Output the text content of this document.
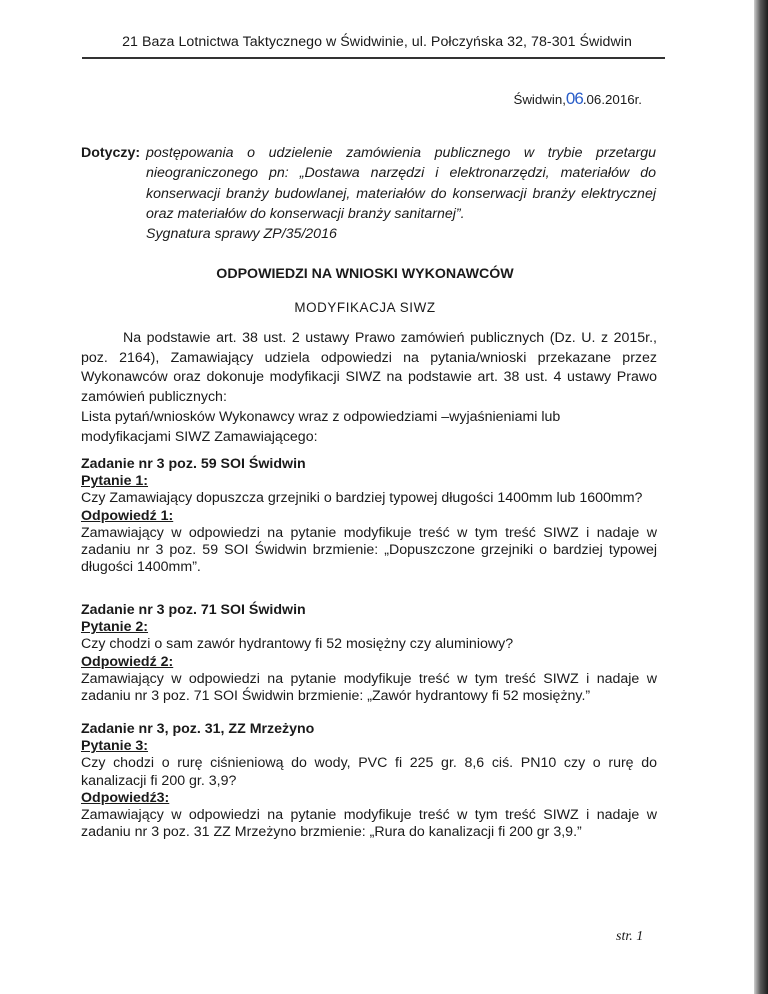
21 Baza Lotnictwa Taktycznego w Świdwinie, ul. Połczyńska 32, 78-301 Świdwin
Świdwin,06.06.2016r.
Dotyczy: postępowania o udzielenie zamówienia publicznego w trybie przetargu nieograniczonego pn: „Dostawa narzędzi i elektronarzędzi, materiałów do konserwacji branży budowlanej, materiałów do konserwacji branży elektrycznej oraz materiałów do konserwacji branży sanitarnej”.
Sygnatura sprawy ZP/35/2016
ODPOWIEDZI NA WNIOSKI WYKONAWCÓW
MODYFIKACJA SIWZ

Na podstawie art. 38 ust. 2 ustawy Prawo zamówień publicznych (Dz. U. z 2015r., poz. 2164), Zamawiający udziela odpowiedzi na pytania/wnioski przekazane przez Wykonawców oraz dokonuje modyfikacji SIWZ na podstawie art. 38 ust. 4 ustawy Prawo zamówień publicznych:

Lista pytań/wniosków Wykonawcy wraz z odpowiedziami –wyjaśnieniami lub

modyfikacjami SIWZ Zamawiającego:

Zadanie nr 3 poz. 59 SOI Świdwin

Pytanie 1:

Czy Zamawiający dopuszcza grzejniki o bardziej typowej długości 1400mm lub 1600mm?

Odpowiedź 1:

Zamawiający w odpowiedzi na pytanie modyfikuje treść w tym treść SIWZ i nadaje w zadaniu nr 3 poz. 59 SOI Świdwin brzmienie: „Dopuszczone grzejniki o bardziej typowej długości 1400mm”.

Zadanie nr 3 poz. 71 SOI Świdwin

Pytanie 2:

Czy chodzi o sam zawór hydrantowy fi 52 mosiężny czy aluminiowy?

Odpowiedź 2:

Zamawiający w odpowiedzi na pytanie modyfikuje treść w tym treść SIWZ i nadaje w zadaniu nr 3 poz. 71 SOI Świdwin brzmienie: „Zawór hydrantowy fi 52 mosiężny.”

Zadanie nr 3, poz. 31, ZZ Mrzeżyno

Pytanie 3:

Czy chodzi o rurę ciśnieniową do wody, PVC fi 225 gr. 8,6 ciś. PN10 czy o rurę do kanalizacji fi 200 gr. 3,9?

Odpowiedź3:

Zamawiający w odpowiedzi na pytanie modyfikuje treść w tym treść SIWZ i nadaje w zadaniu nr 3 poz. 31 ZZ Mrzeżyno brzmienie: „Rura do kanalizacji fi 200 gr 3,9.”

str. 1
